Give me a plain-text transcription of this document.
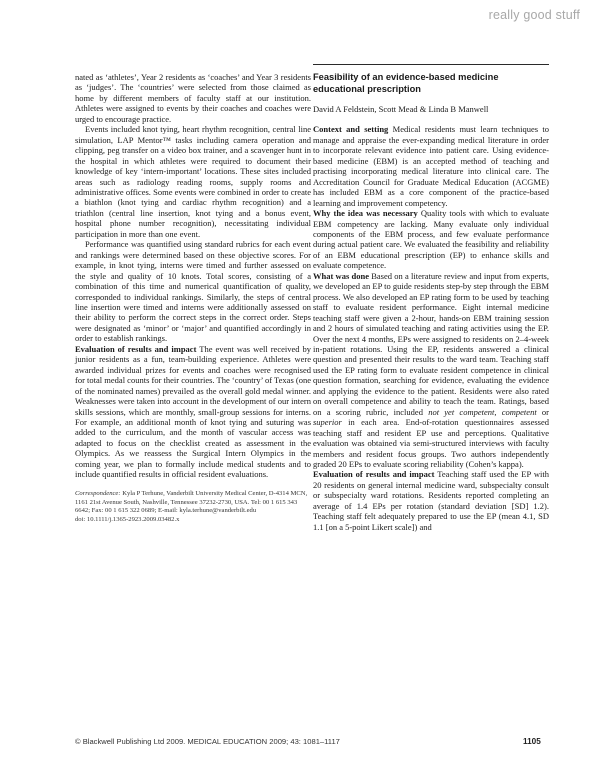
really good stuff

nated as ‘athletes’, Year 2 residents as ‘coaches’ and Year 3 residents as ‘judges’. The ‘countries’ were selected from those claimed as home by different members of faculty staff at our institution. Athletes were assigned to events by their coaches and coaches were urged to encourage practice.

Events included knot tying, heart rhythm recognition, central line simulation, LAP Mentor™ tasks including camera operation and clipping, peg transfer on a video box trainer, and a scavenger hunt in the hospital in which athletes were required to document their knowledge of key ‘intern-important’ locations. These sites included areas such as radiology reading rooms, supply rooms and administrative offices. Some events were combined in order to create a biathlon (knot tying and cardiac rhythm recognition) and a triathlon (central line insertion, knot tying and a bonus event, hospital phone number recognition), necessitating individual participation in more than one event.

Performance was quantified using standard rubrics for each event and rankings were determined based on these objective scores. For example, in knot tying, interns were timed and further assessed on the style and quality of 10 knots. Total scores, consisting of a combination of this time and numerical quantification of quality, corresponded to individual rankings. Similarly, the steps of central line insertion were timed and interns were additionally assessed on their ability to perform the correct steps in the correct order. Steps were designated as ‘minor’ or ‘major’ and quantified accordingly in order to establish rankings.

Evaluation of results and impact The event was well received by junior residents as a fun, team-building experience. Athletes were awarded individual prizes for events and coaches were recognised for total medal counts for their countries. The ‘country’ of Texas (one of the nominated names) prevailed as the overall gold medal winner. Weaknesses were taken into account in the development of our intern skills sessions, which are monthly, small-group sessions for interns. For example, an additional month of knot tying and suturing was added to the curriculum, and the month of vascular access was adapted to focus on the checklist created as assessment in the Olympics. As we reassess the Surgical Intern Olympics in the coming year, we plan to formally include medical students and to include quantified results in official resident evaluations.

Correspondence: Kyla P Terhune, Vanderbilt University Medical Center, D-4314 MCN, 1161 21st Avenue South, Nashville, Tennessee 37232-2730, USA. Tel: 00 1 615 343 6642; Fax: 00 1 615 322 0689; E-mail: kyla.terhune@vanderbilt.edu

doi: 10.1111/j.1365-2923.2009.03482.x

Feasibility of an evidence-based medicine educational prescription

David A Feldstein, Scott Mead & Linda B Manwell

Context and setting Medical residents must learn techniques to manage and appraise the ever-expanding medical literature in order to incorporate relevant evidence into patient care. Using evidence-based medicine (EBM) is an accepted method of teaching and practising incorporating medical literature into clinical care. The Accreditation Council for Graduate Medical Education (ACGME) has included EBM as a core component of the practice-based learning and improvement competency.

Why the idea was necessary Quality tools with which to evaluate EBM competency are lacking. Many evaluate only individual components of the EBM process, and few evaluate performance during actual patient care. We evaluated the feasibility and reliability of an EBM educational prescription (EP) to enhance skills and evaluate competence.

What was done Based on a literature review and input from experts, we developed an EP to guide residents step-by step through the EBM process. We also developed an EP rating form to be used by teaching staff to evaluate resident performance. Eight internal medicine teaching staff were given a 2-hour, hands-on EBM training session and 2 hours of simulated teaching and rating activities using the EP. Over the next 4 months, EPs were assigned to residents on 2–4-week in-patient rotations. Using the EP, residents answered a clinical question and presented their results to the ward team. Teaching staff used the EP rating form to evaluate resident competence in clinical question formation, searching for evidence, evaluating the evidence and applying the evidence to the patient. Residents were also rated on overall competence and ability to teach the team. Ratings, based on a scoring rubric, included not yet competent, competent or superior in each area. End-of-rotation questionnaires assessed teaching staff and resident EP use and perceptions. Qualitative evaluation was obtained via semi-structured interviews with faculty members and resident focus groups. Two authors independently graded 20 EPs to evaluate scoring reliability (Cohen’s kappa).

Evaluation of results and impact Teaching staff used the EP with 20 residents on general internal medicine ward, subspecialty consult or subspecialty ward rotations. Residents reported completing an average of 1.4 EPs per rotation (standard deviation [SD] 1.2). Teaching staff felt adequately prepared to use the EP (mean 4.1, SD 1.1 [on a 5-point Likert scale]) and

© Blackwell Publishing Ltd 2009. MEDICAL EDUCATION 2009; 43: 1081–1117	1105
